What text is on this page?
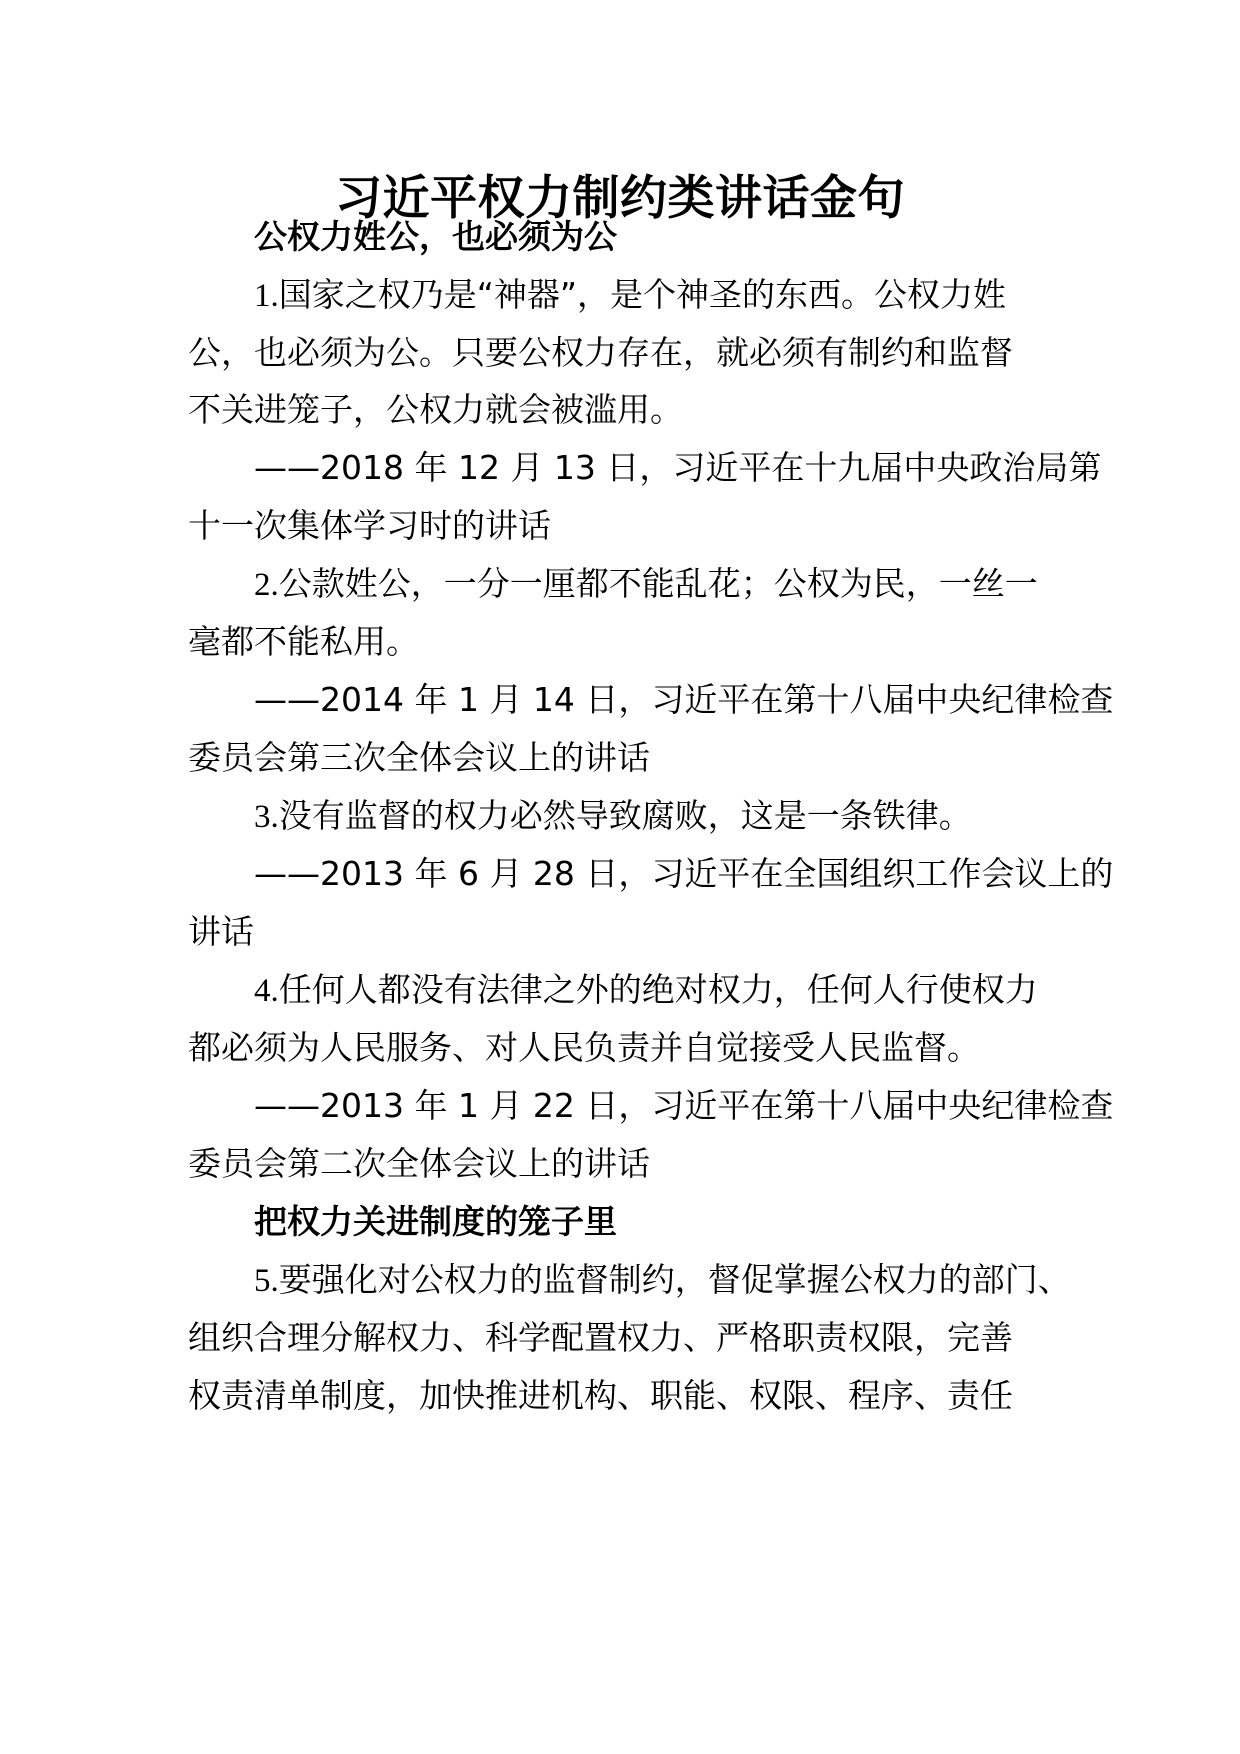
习近平权力制约类讲话金句
公权力姓公，也必须为公
1.国家之权乃是“神器”，是个神圣的东西。公权力姓
公，也必须为公。只要公权力存在，就必须有制约和监督
不关进笼子，公权力就会被滥用。
——2018 年 12 月 13 日，习近平在十九届中央政治局第
十一次集体学习时的讲话
2.公款姓公，一分一厘都不能乱花；公权为民，一丝一
毫都不能私用。
——2014 年 1 月 14 日，习近平在第十八届中央纪律检查
委员会第三次全体会议上的讲话
3.没有监督的权力必然导致腐败，这是一条铁律。
——2013 年 6 月 28 日，习近平在全国组织工作会议上的
讲话
4.任何人都没有法律之外的绝对权力，任何人行使权力
都必须为人民服务、对人民负责并自觉接受人民监督。
——2013 年 1 月 22 日，习近平在第十八届中央纪律检查
委员会第二次全体会议上的讲话
把权力关进制度的笼子里
5.要强化对公权力的监督制约，督促掌握公权力的部门、
组织合理分解权力、科学配置权力、严格职责权限，完善
权责清单制度，加快推进机构、职能、权限、程序、责任
